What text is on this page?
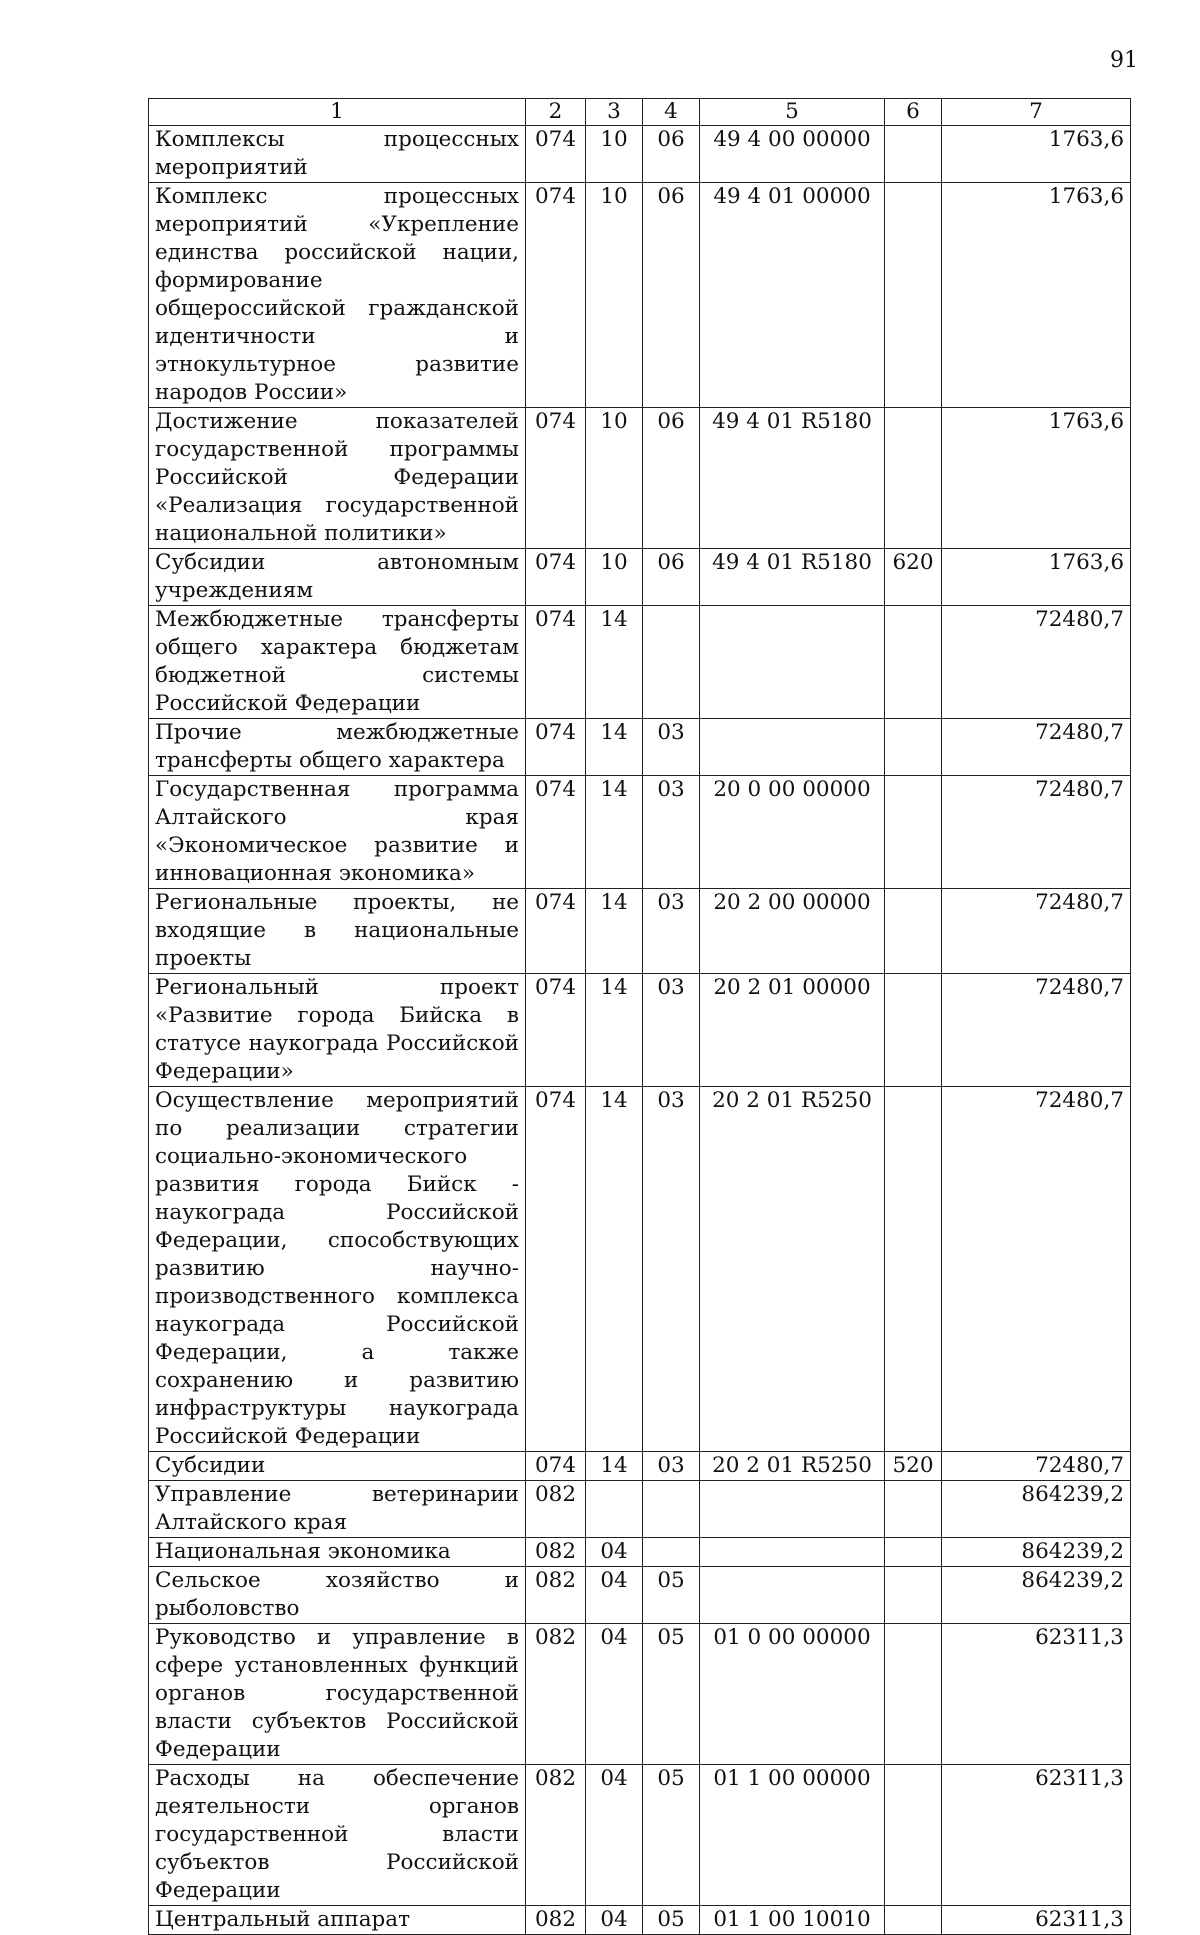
91
1	2	3	4	5	6	7
Комплексы процессных мероприятий	074	10	06	49 4 00 00000		1763,6
Комплекс процессных мероприятий «Укрепление единства российской нации, формирование общероссийской гражданской идентичности и этнокультурное развитие народов России»	074	10	06	49 4 01 00000		1763,6
Достижение показателей государственной программы Российской Федерации «Реализация государственной национальной политики»	074	10	06	49 4 01 R5180		1763,6
Субсидии автономным учреждениям	074	10	06	49 4 01 R5180	620	1763,6
Межбюджетные трансферты общего характера бюджетам бюджетной системы Российской Федерации	074	14				72480,7
Прочие межбюджетные трансферты общего характера	074	14	03			72480,7
Государственная программа Алтайского края «Экономическое развитие и инновационная экономика»	074	14	03	20 0 00 00000		72480,7
Региональные проекты, не входящие в национальные проекты	074	14	03	20 2 00 00000		72480,7
Региональный проект «Развитие города Бийска в статусе наукограда Российской Федерации»	074	14	03	20 2 01 00000		72480,7
Осуществление мероприятий по реализации стратегии социально-экономического развития города Бийск - наукограда Российской Федерации, способствующих развитию научно-производственного комплекса наукограда Российской Федерации, а также сохранению и развитию инфраструктуры наукограда Российской Федерации	074	14	03	20 2 01 R5250		72480,7
Субсидии	074	14	03	20 2 01 R5250	520	72480,7
Управление ветеринарии Алтайского края	082					864239,2
Национальная экономика	082	04				864239,2
Сельское хозяйство и рыболовство	082	04	05			864239,2
Руководство и управление в сфере установленных функций органов государственной власти субъектов Российской Федерации	082	04	05	01 0 00 00000		62311,3
Расходы на обеспечение деятельности органов государственной власти субъектов Российской Федерации	082	04	05	01 1 00 00000		62311,3
Центральный аппарат	082	04	05	01 1 00 10010		62311,3
